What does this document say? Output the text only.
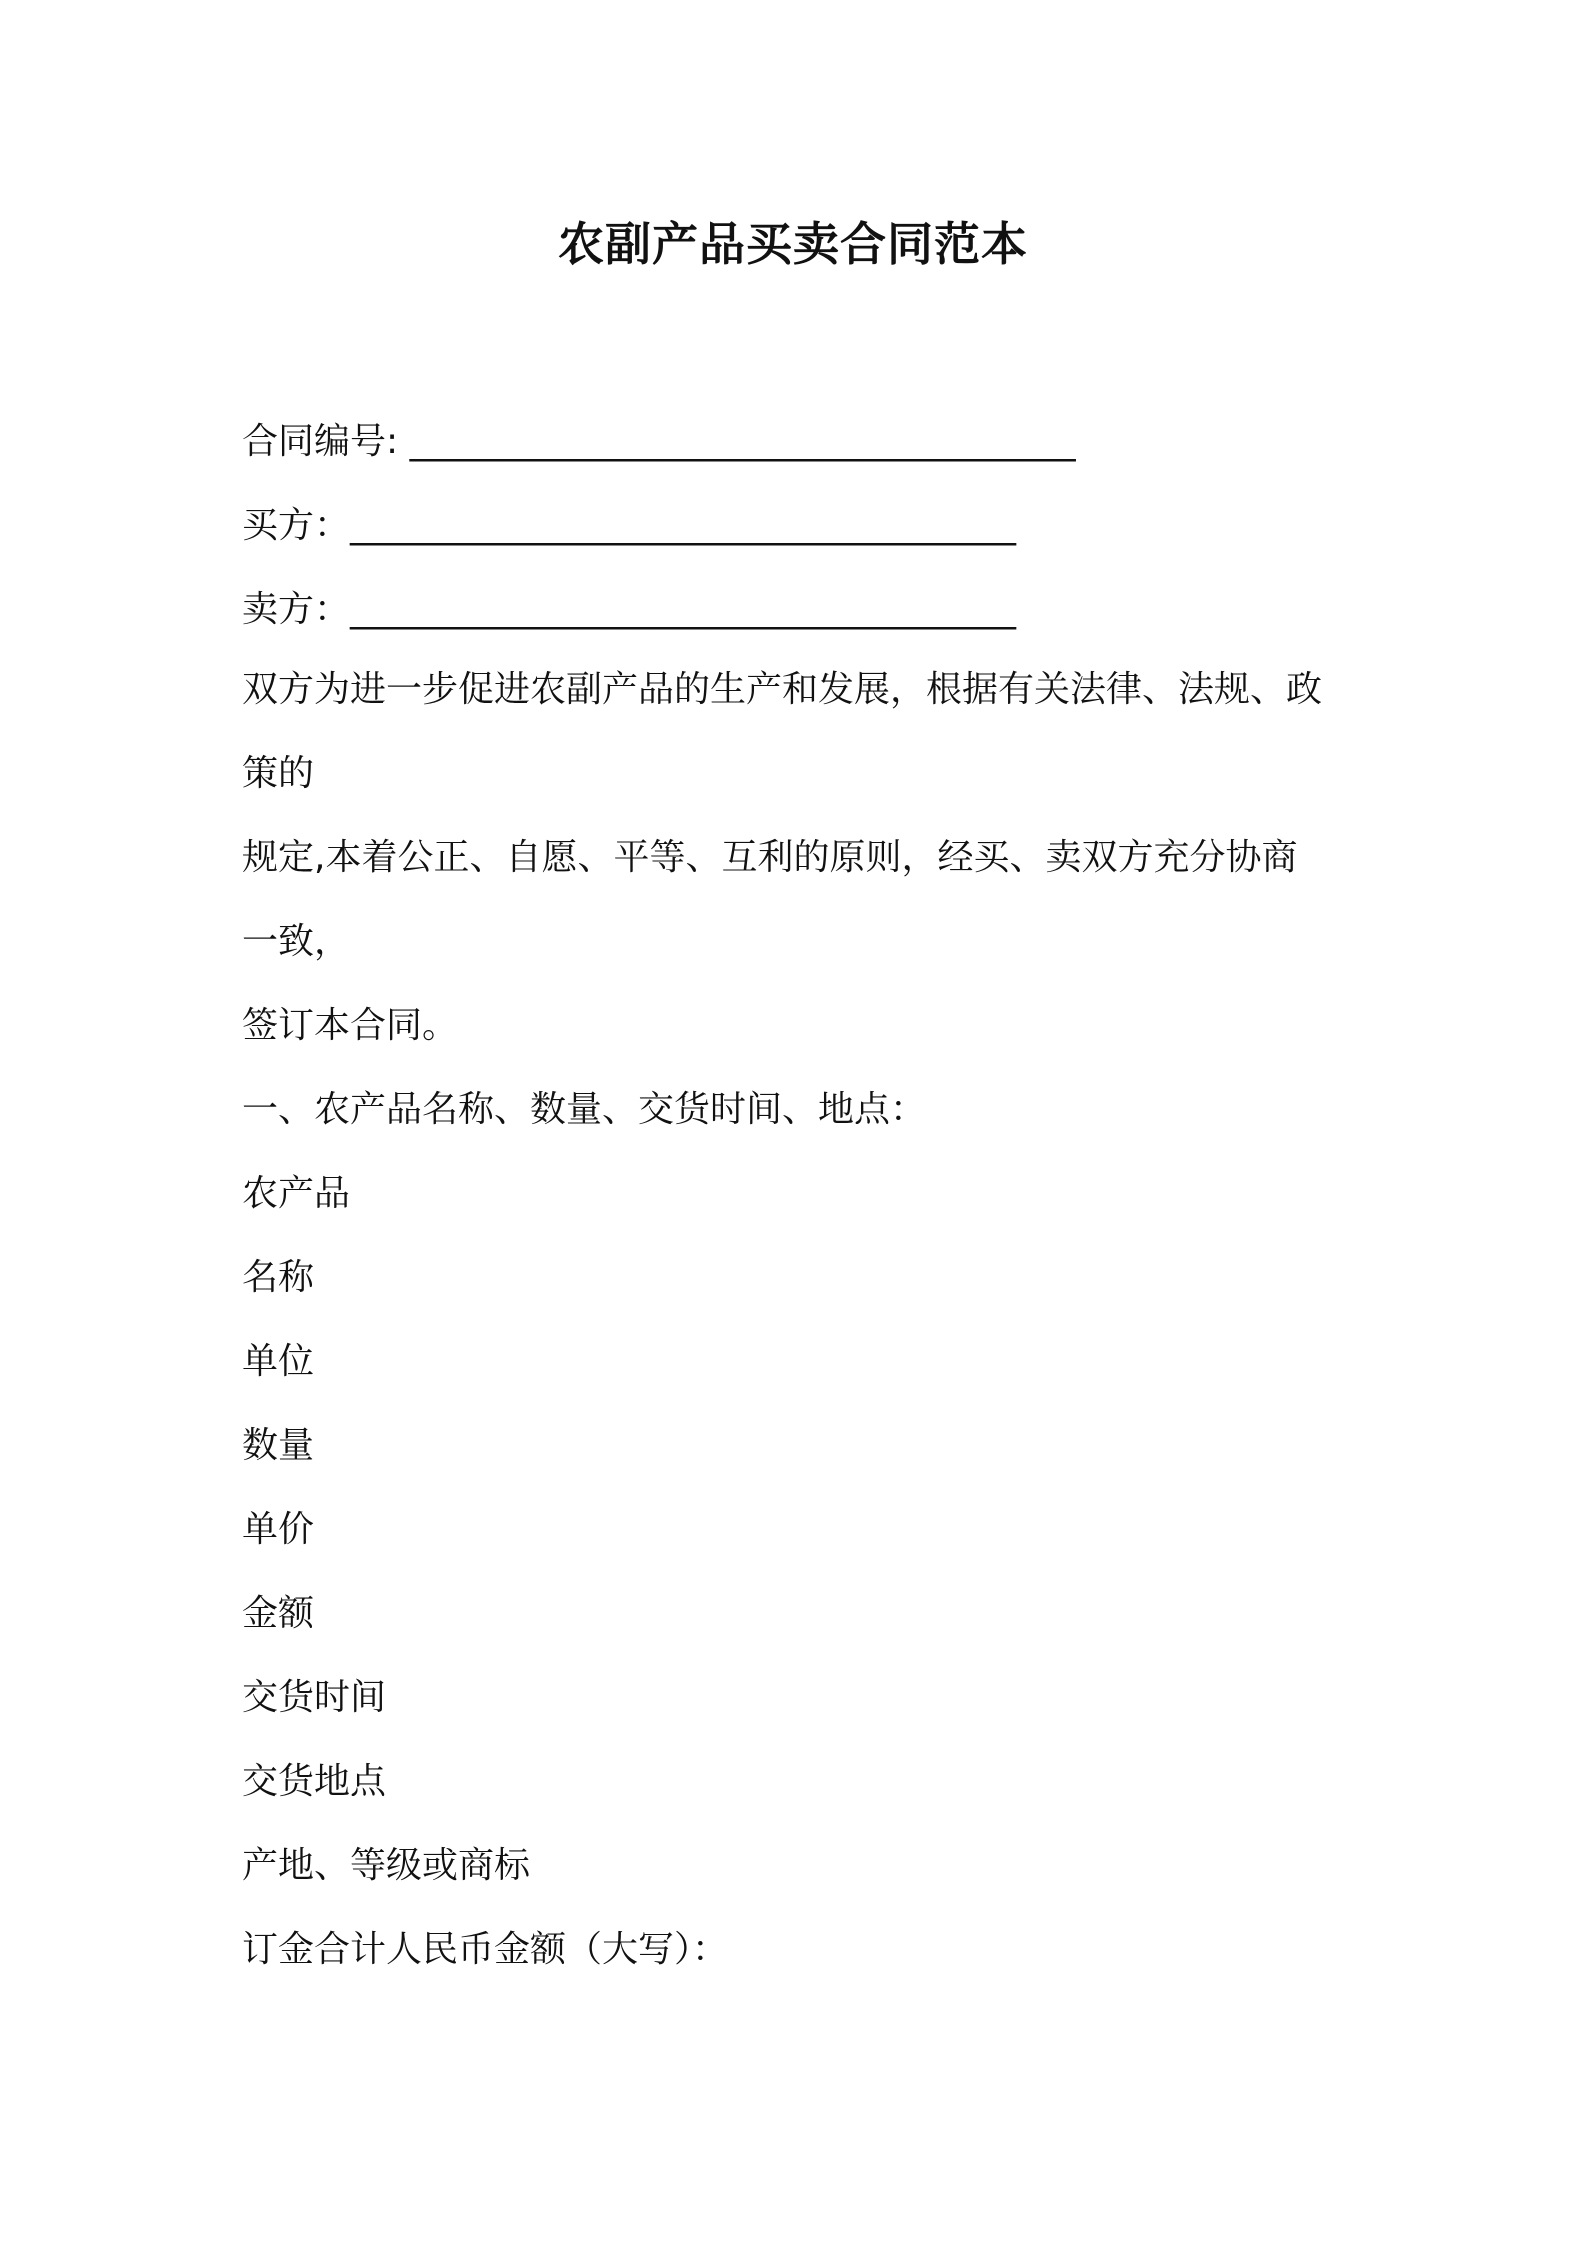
农副产品买卖合同范本
合同编号: _____________________________________
买方：_____________________________________
卖方：_____________________________________
双方为进一步促进农副产品的生产和发展，根据有关法律、法规、政
策的
规定,本着公正、自愿、平等、互利的原则，经买、卖双方充分协商
一致，
签订本合同。
一、农产品名称、数量、交货时间、地点：
农产品
名称
单位
数量
单价
金额
交货时间
交货地点
产地、等级或商标
订金合计人民币金额（大写）：
